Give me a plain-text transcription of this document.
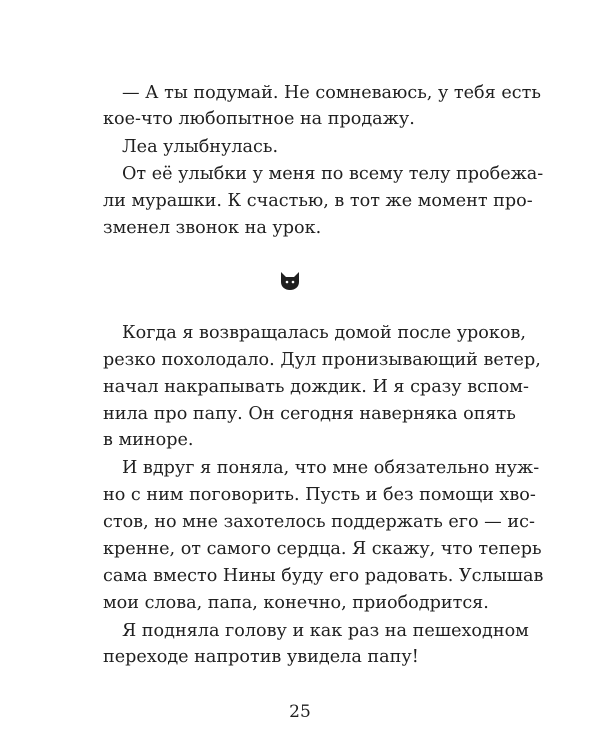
— А ты подумай. Не сомневаюсь, у тебя есть
кое-что любопытное на продажу.
Леа улыбнулась.
От её улыбки у меня по всему телу пробежа-
ли мурашки. К счастью, в тот же момент про-
зменел звонок на урок.
Когда я возвращалась домой после уроков,
резко похолодало. Дул пронизывающий ветер,
начал накрапывать дождик. И я сразу вспом-
нила про папу. Он сегодня наверняка опять
в миноре.
И вдруг я поняла, что мне обязательно нуж-
но с ним поговорить. Пусть и без помощи хво-
стов, но мне захотелось поддержать его — ис-
кренне, от самого сердца. Я скажу, что теперь
сама вместо Нины буду его радовать. Услышав
мои слова, папа, конечно, приободрится.
Я подняла голову и как раз на пешеходном
переходе напротив увидела папу!
25
